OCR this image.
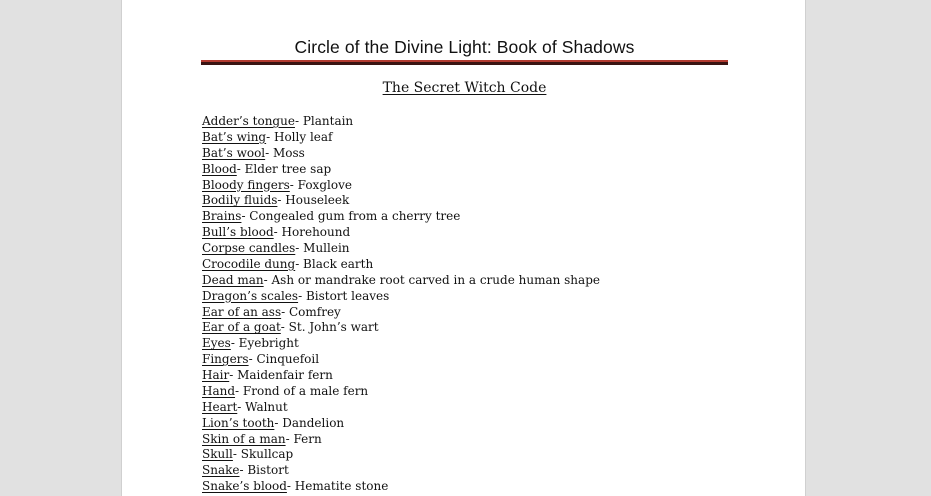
Circle of the Divine Light: Book of Shadows
The Secret Witch Code
Adder’s tongue- Plantain
Bat’s wing- Holly leaf
Bat’s wool- Moss
Blood- Elder tree sap
Bloody fingers- Foxglove
Bodily fluids- Houseleek
Brains- Congealed gum from a cherry tree
Bull’s blood- Horehound
Corpse candles- Mullein
Crocodile dung- Black earth
Dead man- Ash or mandrake root carved in a crude human shape
Dragon’s scales- Bistort leaves
Ear of an ass- Comfrey
Ear of a goat- St. John’s wart
Eyes- Eyebright
Fingers- Cinquefoil
Hair- Maidenfair fern
Hand- Frond of a male fern
Heart- Walnut
Lion’s tooth- Dandelion
Skin of a man- Fern
Skull- Skullcap
Snake- Bistort
Snake’s blood- Hematite stone
